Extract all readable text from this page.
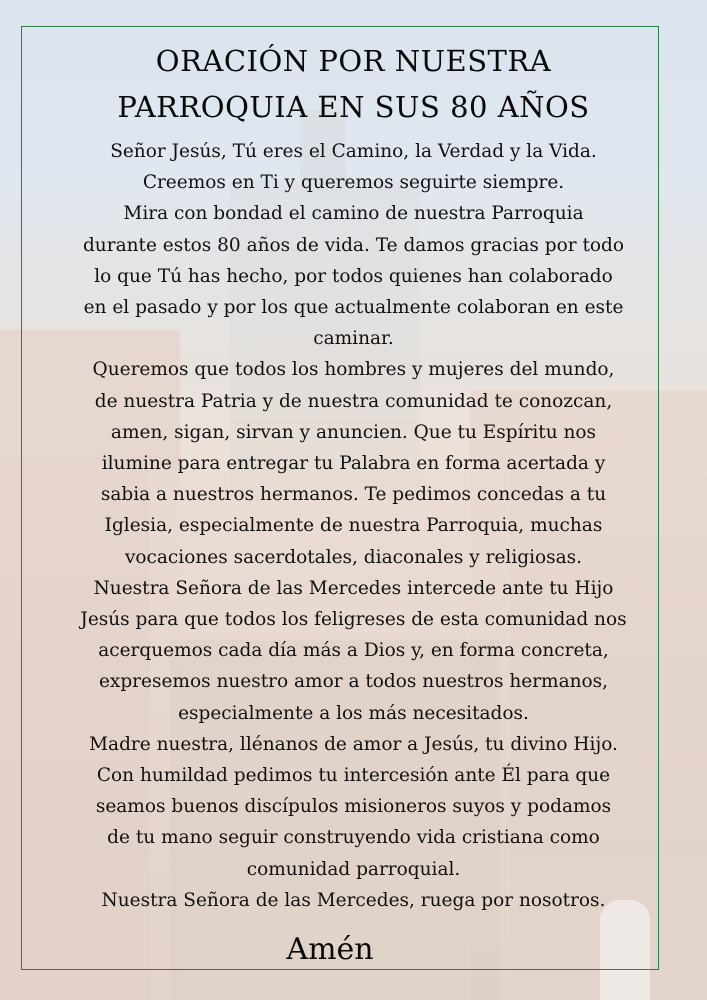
ORACIÓN POR NUESTRA
PARROQUIA EN SUS 80 AÑOS
Señor Jesús, Tú eres el Camino, la Verdad y la Vida.
Creemos en Ti y queremos seguirte siempre.
Mira con bondad el camino de nuestra Parroquia
durante estos 80 años de vida. Te damos gracias por todo
lo que Tú has hecho, por todos quienes han colaborado
en el pasado y por los que actualmente colaboran en este
caminar.
Queremos que todos los hombres y mujeres del mundo,
de nuestra Patria y de nuestra comunidad te conozcan,
amen, sigan, sirvan y anuncien. Que tu Espíritu nos
ilumine para entregar tu Palabra en forma acertada y
sabia a nuestros hermanos. Te pedimos concedas a tu
Iglesia, especialmente de nuestra Parroquia, muchas
vocaciones sacerdotales, diaconales y religiosas.
Nuestra Señora de las Mercedes intercede ante tu Hijo
Jesús para que todos los feligreses de esta comunidad nos
acerquemos cada día más a Dios y, en forma concreta,
expresemos nuestro amor a todos nuestros hermanos,
especialmente a los más necesitados.
Madre nuestra, llénanos de amor a Jesús, tu divino Hijo.
Con humildad pedimos tu intercesión ante Él para que
seamos buenos discípulos misioneros suyos y podamos
de tu mano seguir construyendo vida cristiana como
comunidad parroquial.
Nuestra Señora de las Mercedes, ruega por nosotros.
Amén
